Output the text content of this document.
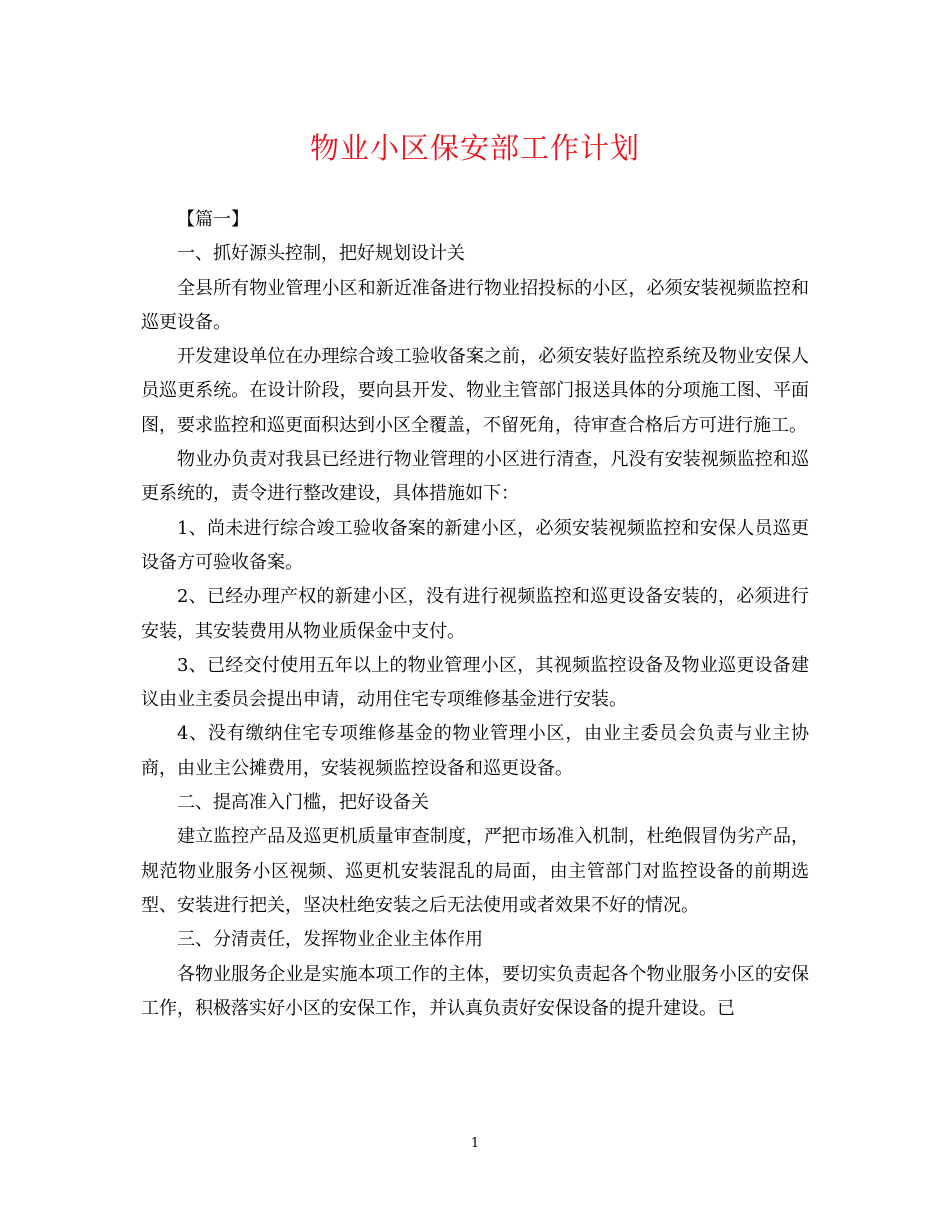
物业小区保安部工作计划

【篇一】

一、抓好源头控制，把好规划设计关

全县所有物业管理小区和新近准备进行物业招投标的小区，必须安装视频监控和巡更设备。

开发建设单位在办理综合竣工验收备案之前，必须安装好监控系统及物业安保人员巡更系统。在设计阶段，要向县开发、物业主管部门报送具体的分项施工图、平面图，要求监控和巡更面积达到小区全覆盖，不留死角，待审查合格后方可进行施工。

物业办负责对我县已经进行物业管理的小区进行清查，凡没有安装视频监控和巡更系统的，责令进行整改建设，具体措施如下：

1、尚未进行综合竣工验收备案的新建小区，必须安装视频监控和安保人员巡更设备方可验收备案。

2、已经办理产权的新建小区，没有进行视频监控和巡更设备安装的，必须进行安装，其安装费用从物业质保金中支付。

3、已经交付使用五年以上的物业管理小区，其视频监控设备及物业巡更设备建议由业主委员会提出申请，动用住宅专项维修基金进行安装。

4、没有缴纳住宅专项维修基金的物业管理小区，由业主委员会负责与业主协商，由业主公摊费用，安装视频监控设备和巡更设备。

二、提高准入门槛，把好设备关

建立监控产品及巡更机质量审查制度，严把市场准入机制，杜绝假冒伪劣产品，规范物业服务小区视频、巡更机安装混乱的局面，由主管部门对监控设备的前期选型、安装进行把关，坚决杜绝安装之后无法使用或者效果不好的情况。

三、分清责任，发挥物业企业主体作用

各物业服务企业是实施本项工作的主体，要切实负责起各个物业服务小区的安保工作，积极落实好小区的安保工作，并认真负责好安保设备的提升建设。已

1
